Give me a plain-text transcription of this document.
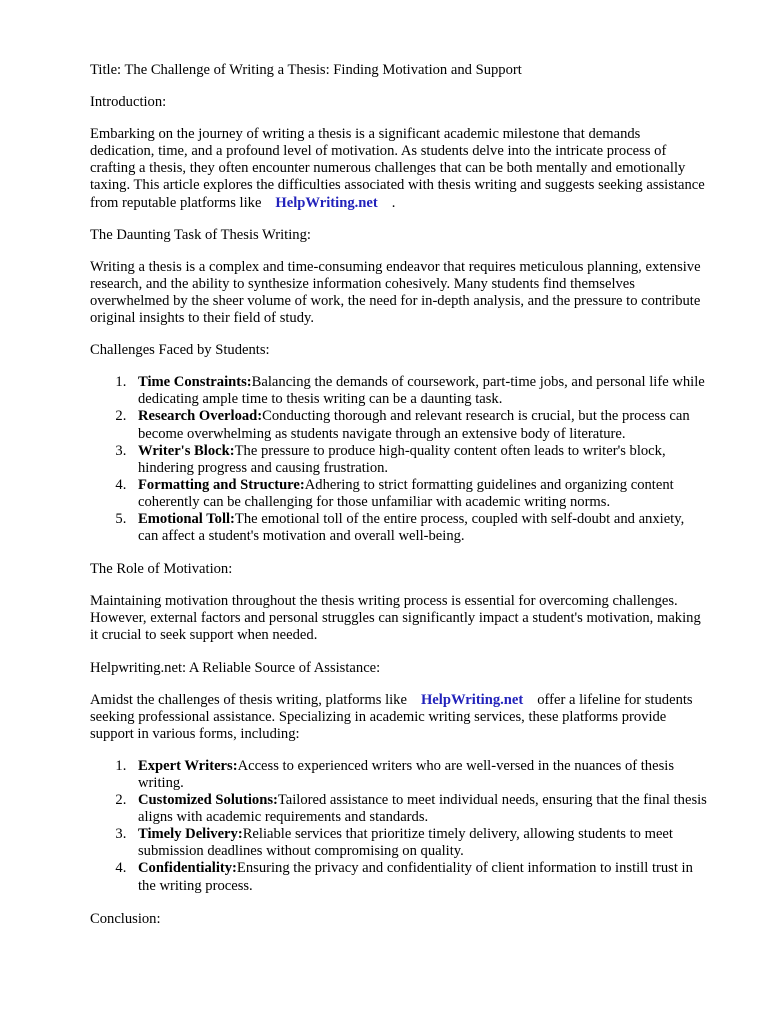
Title: The Challenge of Writing a Thesis: Finding Motivation and Support

Introduction:

Embarking on the journey of writing a thesis is a significant academic milestone that demands dedication, time, and a profound level of motivation. As students delve into the intricate process of crafting a thesis, they often encounter numerous challenges that can be both mentally and emotionally taxing. This article explores the difficulties associated with thesis writing and suggests seeking assistance from reputable platforms like HelpWriting.net .

The Daunting Task of Thesis Writing:

Writing a thesis is a complex and time-consuming endeavor that requires meticulous planning, extensive research, and the ability to synthesize information cohesively. Many students find themselves overwhelmed by the sheer volume of work, the need for in-depth analysis, and the pressure to contribute original insights to their field of study.

Challenges Faced by Students:

1. Time Constraints:Balancing the demands of coursework, part-time jobs, and personal life while dedicating ample time to thesis writing can be a daunting task.
2. Research Overload:Conducting thorough and relevant research is crucial, but the process can become overwhelming as students navigate through an extensive body of literature.
3. Writer's Block:The pressure to produce high-quality content often leads to writer's block, hindering progress and causing frustration.
4. Formatting and Structure:Adhering to strict formatting guidelines and organizing content coherently can be challenging for those unfamiliar with academic writing norms.
5. Emotional Toll:The emotional toll of the entire process, coupled with self-doubt and anxiety, can affect a student's motivation and overall well-being.

The Role of Motivation:

Maintaining motivation throughout the thesis writing process is essential for overcoming challenges. However, external factors and personal struggles can significantly impact a student's motivation, making it crucial to seek support when needed.

Helpwriting.net: A Reliable Source of Assistance:

Amidst the challenges of thesis writing, platforms like HelpWriting.net offer a lifeline for students seeking professional assistance. Specializing in academic writing services, these platforms provide support in various forms, including:

1. Expert Writers:Access to experienced writers who are well-versed in the nuances of thesis writing.
2. Customized Solutions:Tailored assistance to meet individual needs, ensuring that the final thesis aligns with academic requirements and standards.
3. Timely Delivery:Reliable services that prioritize timely delivery, allowing students to meet submission deadlines without compromising on quality.
4. Confidentiality:Ensuring the privacy and confidentiality of client information to instill trust in the writing process.

Conclusion:
